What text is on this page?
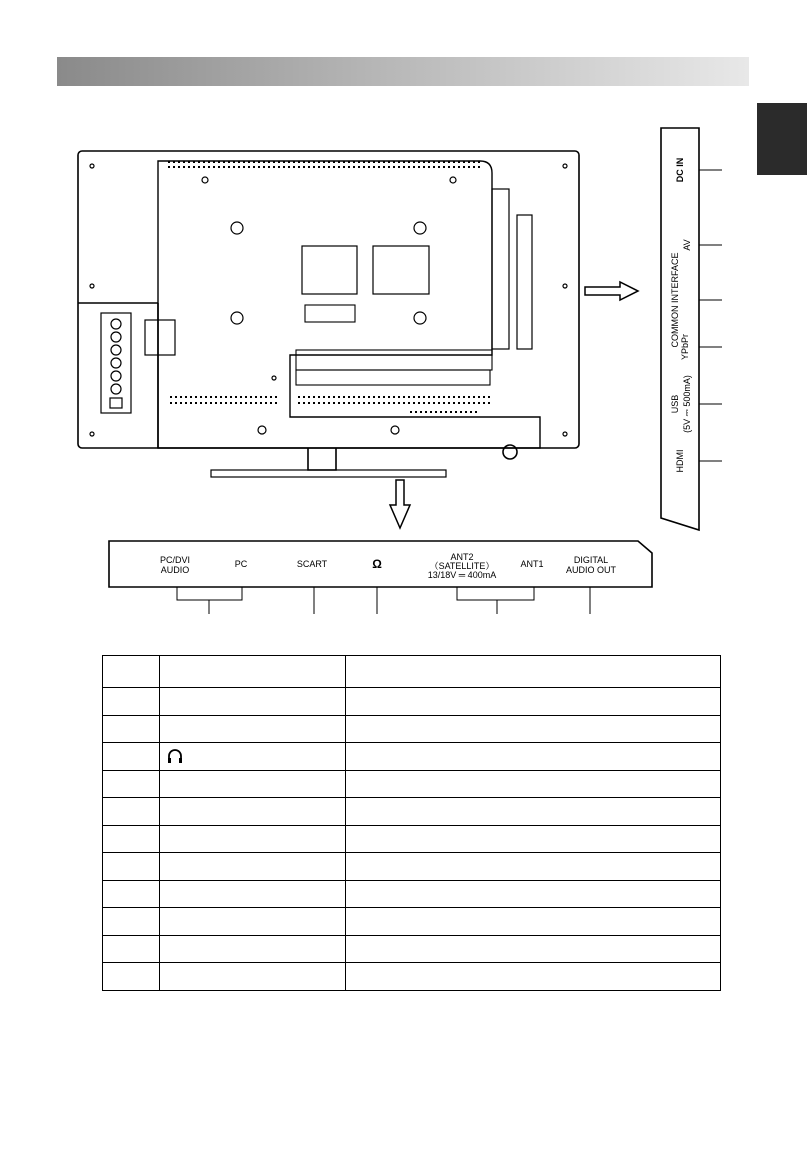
DC IN
COMMON INTERFACE
AV
YPbPr
USB (5V ⎓ 500mA)
HDMI
PC/DVI
AUDIO
PC	SCART	Ω	ANT2
（SATELLITE）
13/18V ═ 400mA
ANT1	DIGITAL
AUDIO OUT
